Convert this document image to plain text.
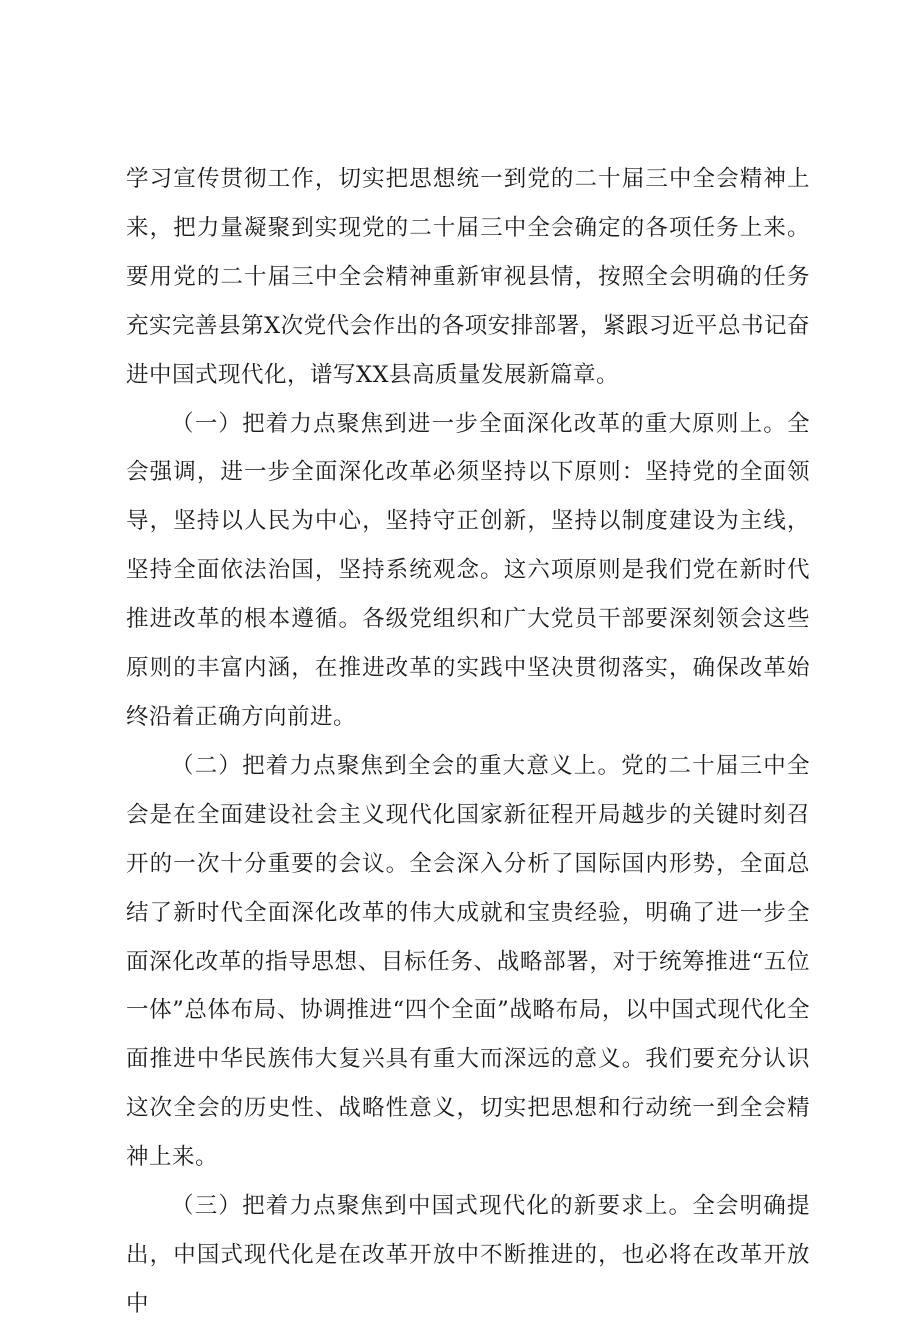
学习宣传贯彻工作，切实把思想统一到党的二十届三中全会精神上来，把力量凝聚到实现党的二十届三中全会确定的各项任务上来。要用党的二十届三中全会精神重新审视县情，按照全会明确的任务充实完善县第X次党代会作出的各项安排部署，紧跟习近平总书记奋进中国式现代化，谱写XX县高质量发展新篇章。

（一）把着力点聚焦到进一步全面深化改革的重大原则上。全会强调，进一步全面深化改革必须坚持以下原则：坚持党的全面领导，坚持以人民为中心，坚持守正创新，坚持以制度建设为主线，坚持全面依法治国，坚持系统观念。这六项原则是我们党在新时代推进改革的根本遵循。各级党组织和广大党员干部要深刻领会这些原则的丰富内涵，在推进改革的实践中坚决贯彻落实，确保改革始终沿着正确方向前进。

（二）把着力点聚焦到全会的重大意义上。党的二十届三中全会是在全面建设社会主义现代化国家新征程开局越步的关键时刻召开的一次十分重要的会议。全会深入分析了国际国内形势，全面总结了新时代全面深化改革的伟大成就和宝贵经验，明确了进一步全面深化改革的指导思想、目标任务、战略部署，对于统筹推进“五位一体”总体布局、协调推进“四个全面”战略布局，以中国式现代化全面推进中华民族伟大复兴具有重大而深远的意义。我们要充分认识这次全会的历史性、战略性意义，切实把思想和行动统一到全会精神上来。

（三）把着力点聚焦到中国式现代化的新要求上。全会明确提出，中国式现代化是在改革开放中不断推进的，也必将在改革开放中
